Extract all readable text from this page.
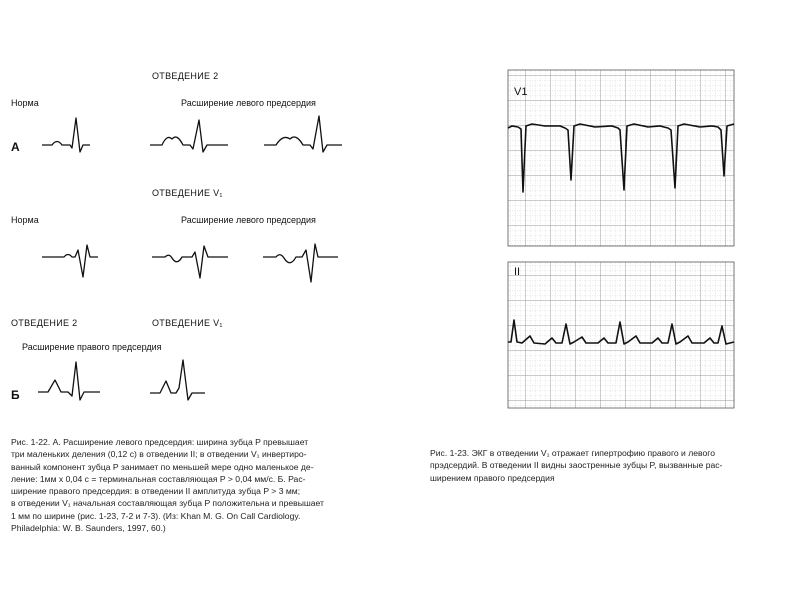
ОТВЕДЕНИЕ 2
Норма	Расширение левого предсердия
А
ОТВЕДЕНИЕ V₁
Норма	Расширение левого предсердия
ОТВЕДЕНИЕ 2	ОТВЕДЕНИЕ V₁
Расширение правого предсердия
Б
Рис. 1-22. А. Расширение левого предсердия: ширина зубца P превышает
три маленьких деления (0,12 с) в отведении II; в отведении V₁ инвертиро-
ванный компонент зубца P занимает по меньшей мере одно маленькое де-
ление: 1мм x 0,04 с = терминальная составляющая P > 0,04 мм/с. Б. Рас-
ширение правого предсердия: в отведении II амплитуда зубца P > 3 мм;
в отведении V₁ начальная составляющая зубца P положительна и превышает
1 мм по ширине (рис. 1-23, 7-2 и 7-3). (Из: Khan M. G. On Call Cardiology.
Philadelphia: W. B. Saunders, 1997, 60.)
V1
II
Рис. 1-23. ЭКГ в отведении V₁ отражает гипертрофию правого и левого
прэдсердий. В отведении II видны заостренные зубцы P, вызванные рас-
ширением правого предсердия
